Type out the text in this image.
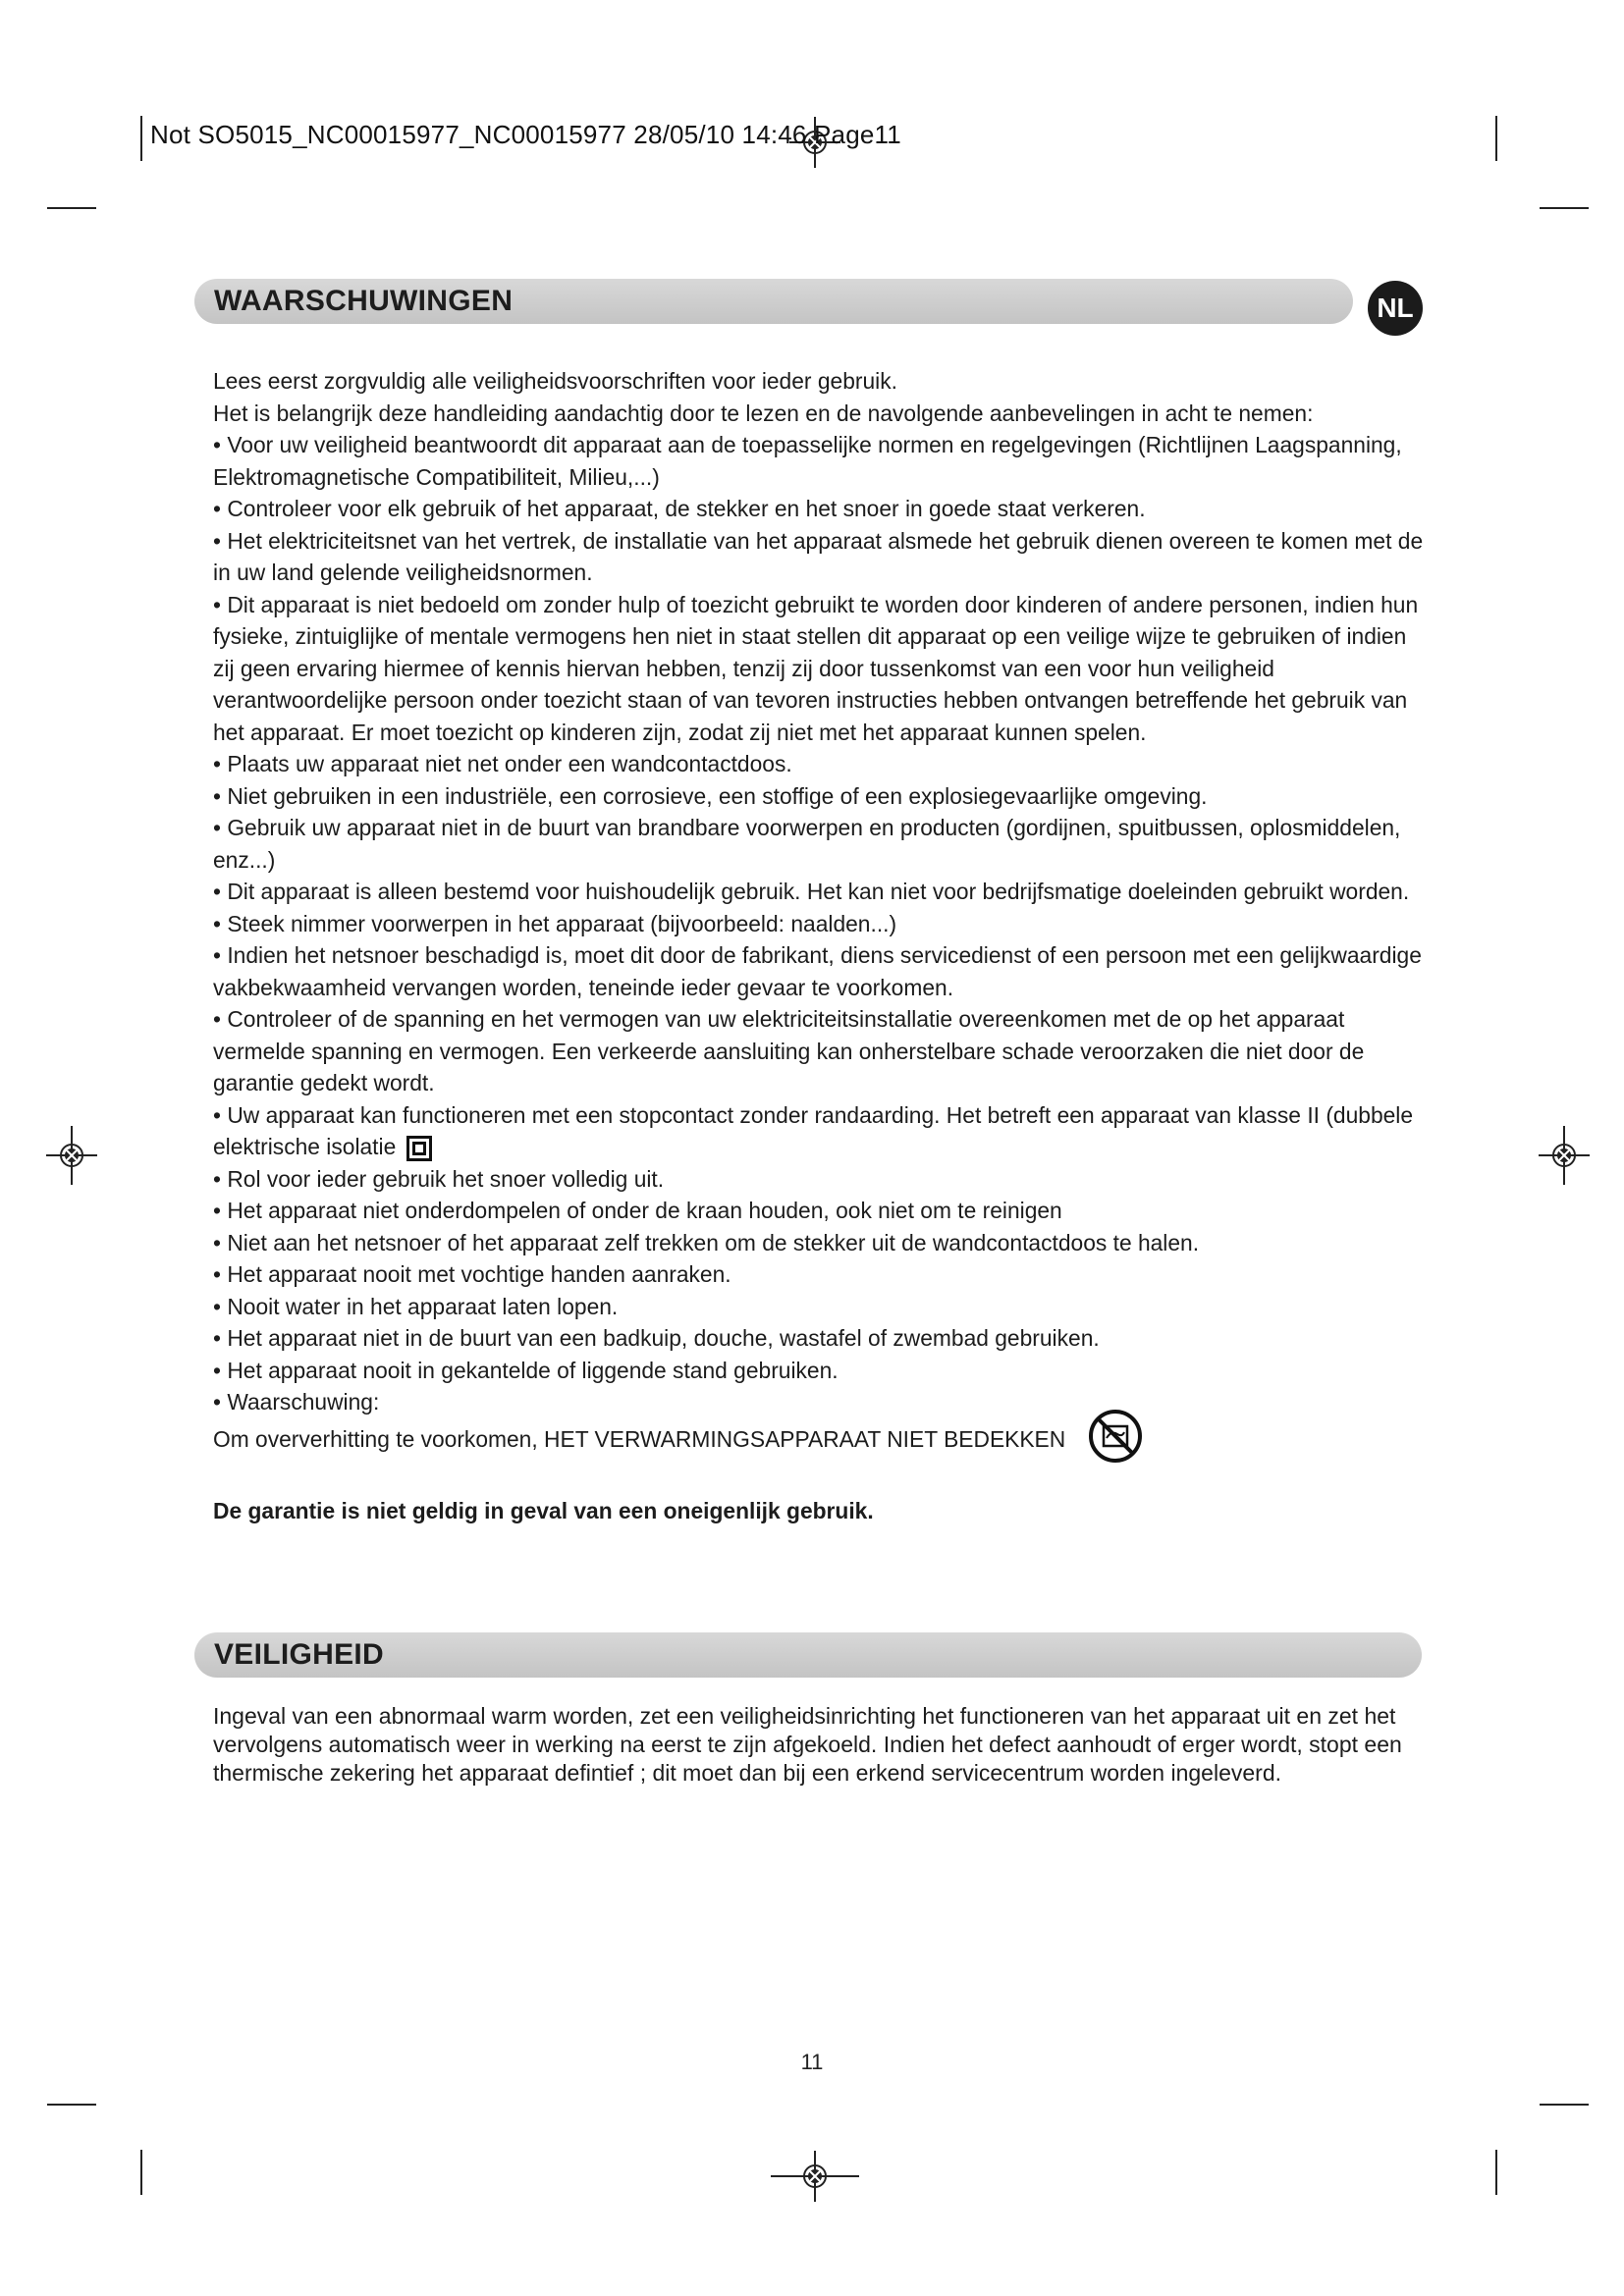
Not SO5015_NC00015977_NC00015977 28/05/10 14:46 Page11
WAARSCHUWINGEN	NL

Lees eerst zorgvuldig alle veiligheidsvoorschriften voor ieder gebruik.

Het is belangrijk deze handleiding aandachtig door te lezen en de navolgende aanbevelingen in acht te nemen:

• Voor uw veiligheid beantwoordt dit apparaat aan de toepasselijke normen en regelgevingen (Richtlijnen Laagspanning, Elektromagnetische Compatibiliteit, Milieu,...)

• Controleer voor elk gebruik of het apparaat, de stekker en het snoer in goede staat verkeren.

• Het elektriciteitsnet van het vertrek, de installatie van het apparaat alsmede het gebruik dienen overeen te komen met de in uw land gelende veiligheidsnormen.

• Dit apparaat is niet bedoeld om zonder hulp of toezicht gebruikt te worden door kinderen of andere personen, indien hun fysieke, zintuiglijke of mentale vermogens hen niet in staat stellen dit apparaat op een veilige wijze te gebruiken of indien zij geen ervaring hiermee of kennis hiervan hebben, tenzij zij door tussenkomst van een voor hun veiligheid verantwoordelijke persoon onder toezicht staan of van tevoren instructies hebben ontvangen betreffende het gebruik van het apparaat. Er moet toezicht op kinderen zijn, zodat zij niet met het apparaat kunnen spelen.

• Plaats uw apparaat niet net onder een wandcontactdoos.

• Niet gebruiken in een industriële, een corrosieve, een stoffige of een explosiegevaarlijke omgeving.

• Gebruik uw apparaat niet in de buurt van brandbare voorwerpen en producten (gordijnen, spuitbussen, oplosmiddelen, enz...)

• Dit apparaat is alleen bestemd voor huishoudelijk gebruik. Het kan niet voor bedrijfsmatige doeleinden gebruikt worden.

• Steek nimmer voorwerpen in het apparaat (bijvoorbeeld: naalden...)

• Indien het netsnoer beschadigd is, moet dit door de fabrikant, diens servicedienst of een persoon met een gelijkwaardige vakbekwaamheid vervangen worden, teneinde ieder gevaar te voorkomen.

• Controleer of de spanning en het vermogen van uw elektriciteitsinstallatie overeenkomen met de op het apparaat vermelde spanning en vermogen. Een verkeerde aansluiting kan onherstelbare schade veroorzaken die niet door de garantie gedekt wordt.

• Uw apparaat kan functioneren met een stopcontact zonder randaarding. Het betreft een apparaat van klasse II (dubbele elektrische isolatie

• Rol voor ieder gebruik het snoer volledig uit.

• Het apparaat niet onderdompelen of onder de kraan houden, ook niet om te reinigen

• Niet aan het netsnoer of het apparaat zelf trekken om de stekker uit de wandcontactdoos te halen.

• Het apparaat nooit met vochtige handen aanraken.

• Nooit water in het apparaat laten lopen.

• Het apparaat niet in de buurt van een badkuip, douche, wastafel of zwembad gebruiken.

• Het apparaat nooit in gekantelde of liggende stand gebruiken.

• Waarschuwing:

Om oververhitting te voorkomen, HET VERWARMINGSAPPARAAT NIET BEDEKKEN

De garantie is niet geldig in geval van een oneigenlijk gebruik.

VEILIGHEID
Ingeval van een abnormaal warm worden, zet een veiligheidsinrichting het functioneren van het apparaat uit en zet het vervolgens automatisch weer in werking na eerst te zijn afgekoeld. Indien het defect aanhoudt of erger wordt, stopt een thermische zekering het apparaat defintief ; dit moet dan bij een erkend servicecentrum worden ingeleverd.
11
